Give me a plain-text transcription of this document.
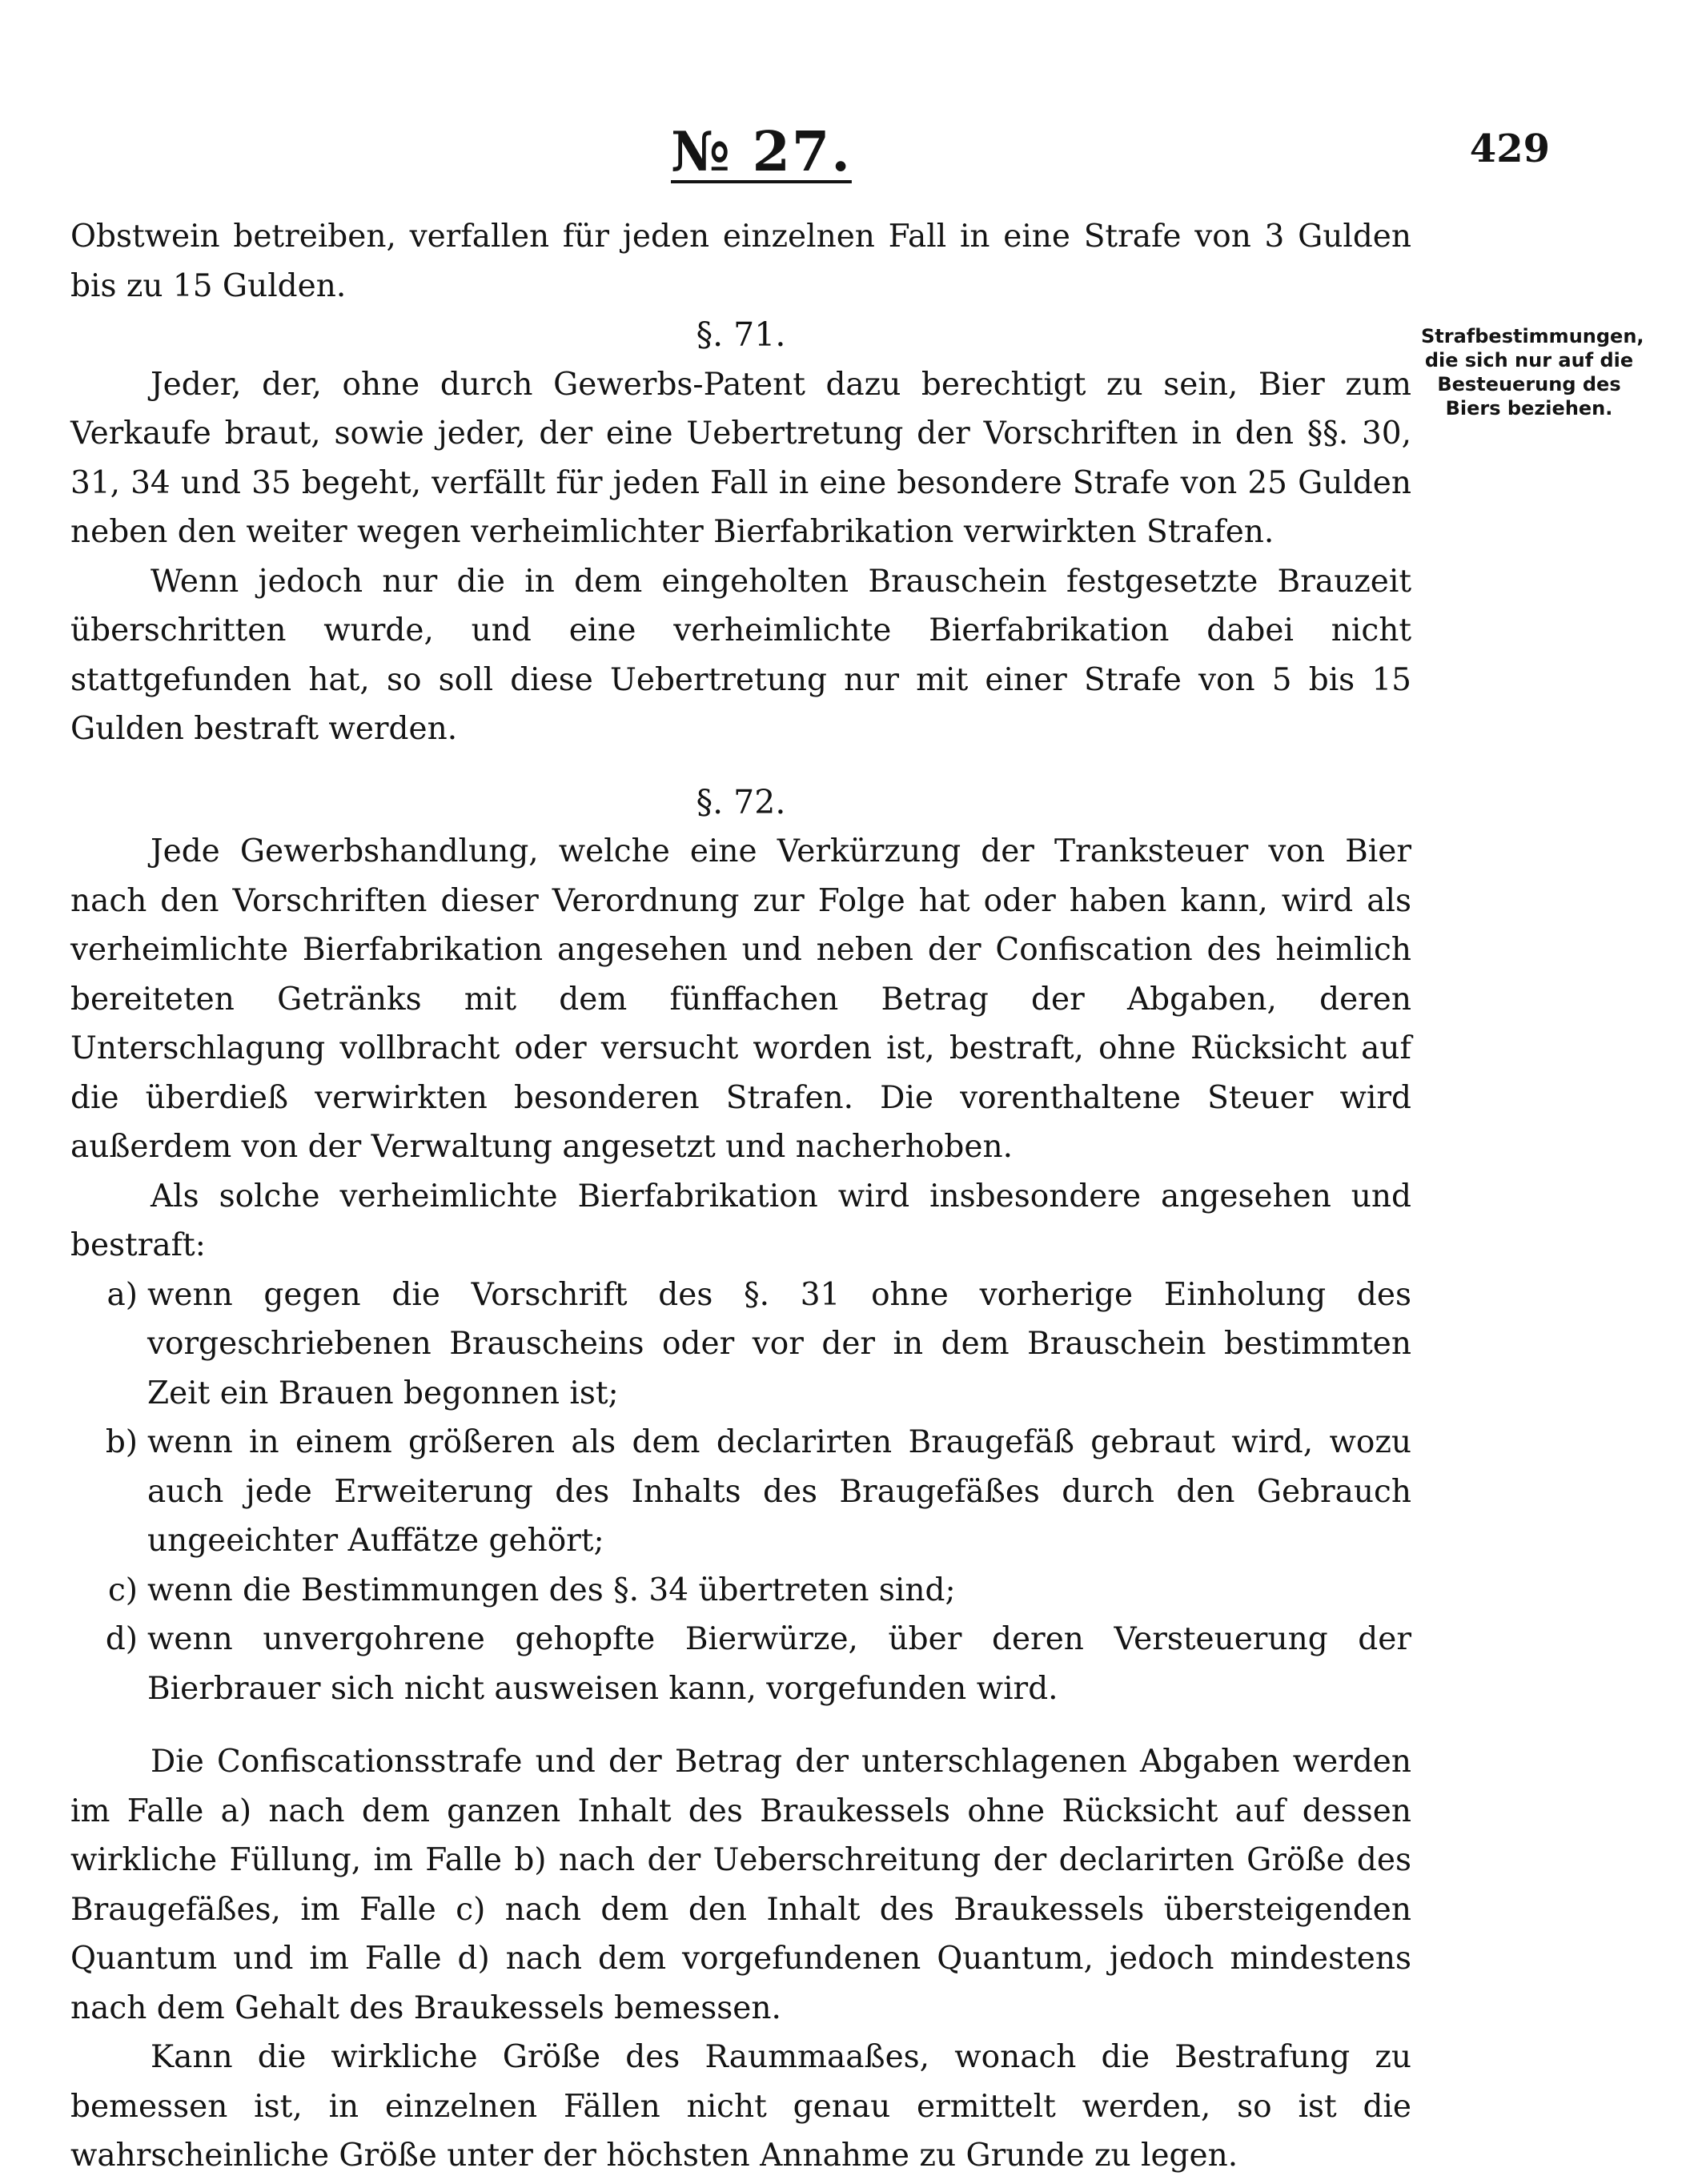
№ 27.	429

Obstwein betreiben, verfallen für jeden einzelnen Fall in eine Strafe von 3 Gulden bis zu 15 Gulden.

§. 71.

Jeder, der, ohne durch Gewerbs-Patent dazu berechtigt zu sein, Bier zum Verkaufe braut, sowie jeder, der eine Uebertretung der Vorschriften in den §§. 30, 31, 34 und 35 begeht, verfällt für jeden Fall in eine besondere Strafe von 25 Gulden neben den weiter wegen verheimlichter Bierfabrikation verwirkten Strafen.

Wenn jedoch nur die in dem eingeholten Brauschein festgesetzte Brauzeit überschritten wurde, und eine verheimlichte Bierfabrikation dabei nicht stattgefunden hat, so soll diese Uebertretung nur mit einer Strafe von 5 bis 15 Gulden bestraft werden.

§. 72.

Jede Gewerbshandlung, welche eine Verkürzung der Tranksteuer von Bier nach den Vorschriften dieser Verordnung zur Folge hat oder haben kann, wird als verheimlichte Bierfabrikation angesehen und neben der Confiscation des heimlich bereiteten Getränks mit dem fünffachen Betrag der Abgaben, deren Unterschlagung vollbracht oder versucht worden ist, bestraft, ohne Rücksicht auf die überdieß verwirkten besonderen Strafen. Die vorenthaltene Steuer wird außerdem von der Verwaltung angesetzt und nacherhoben.

Als solche verheimlichte Bierfabrikation wird insbesondere angesehen und bestraft:

a) wenn gegen die Vorschrift des §. 31 ohne vorherige Einholung des vorgeschriebenen Brauscheins oder vor der in dem Brauschein bestimmten Zeit ein Brauen begonnen ist;
b) wenn in einem größeren als dem declarirten Braugefäß gebraut wird, wozu auch jede Erweiterung des Inhalts des Braugefäßes durch den Gebrauch ungeeichter Auffätze gehört;
c) wenn die Bestimmungen des §. 34 übertreten sind;
d) wenn unvergohrene gehopfte Bierwürze, über deren Versteuerung der Bierbrauer sich nicht ausweisen kann, vorgefunden wird.

Die Confiscationsstrafe und der Betrag der unterschlagenen Abgaben werden im Falle a) nach dem ganzen Inhalt des Braukessels ohne Rücksicht auf dessen wirkliche Füllung, im Falle b) nach der Ueberschreitung der declarirten Größe des Braugefäßes, im Falle c) nach dem den Inhalt des Braukessels übersteigenden Quantum und im Falle d) nach dem vorgefundenen Quantum, jedoch mindestens nach dem Gehalt des Braukessels bemessen.

Kann die wirkliche Größe des Raummaaßes, wonach die Bestrafung zu bemessen ist, in einzelnen Fällen nicht genau ermittelt werden, so ist die wahrscheinliche Größe unter der höchsten Annahme zu Grunde zu legen.

Strafbestimmungen, die sich nur auf die Besteuerung des Biers beziehen.
